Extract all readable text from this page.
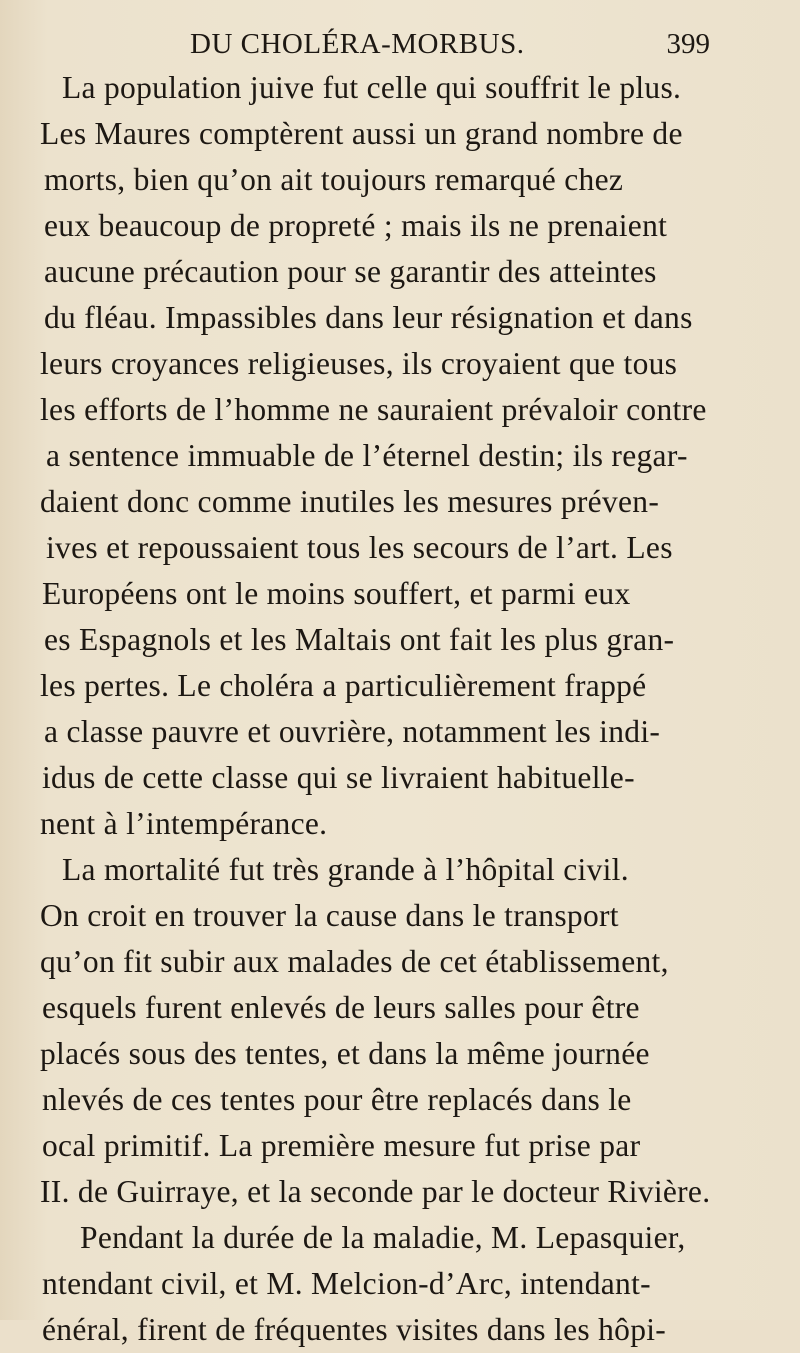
DU CHOLÉRA-MORBUS.	399
La population juive fut celle qui souffrit le plus.
Les Maures comptèrent aussi un grand nombre de
morts, bien qu’on ait toujours remarqué chez
eux beaucoup de propreté ; mais ils ne prenaient
aucune précaution pour se garantir des atteintes
du fléau. Impassibles dans leur résignation et dans
leurs croyances religieuses, ils croyaient que tous
les efforts de l’homme ne sauraient prévaloir contre
a sentence immuable de l’éternel destin; ils regar-
daient donc comme inutiles les mesures préven-
ives et repoussaient tous les secours de l’art. Les
Européens ont le moins souffert, et parmi eux
es Espagnols et les Maltais ont fait les plus gran-
les pertes. Le choléra a particulièrement frappé
a classe pauvre et ouvrière, notamment les indi-
idus de cette classe qui se livraient habituelle-
nent à l’intempérance.
La mortalité fut très grande à l’hôpital civil.
On croit en trouver la cause dans le transport
qu’on fit subir aux malades de cet établissement,
esquels furent enlevés de leurs salles pour être
placés sous des tentes, et dans la même journée
nlevés de ces tentes pour être replacés dans le
ocal primitif. La première mesure fut prise par
II. de Guirraye, et la seconde par le docteur Rivière.
Pendant la durée de la maladie, M. Lepasquier,
ntendant civil, et M. Melcion-d’Arc, intendant-
énéral, firent de fréquentes visites dans les hôpi-
